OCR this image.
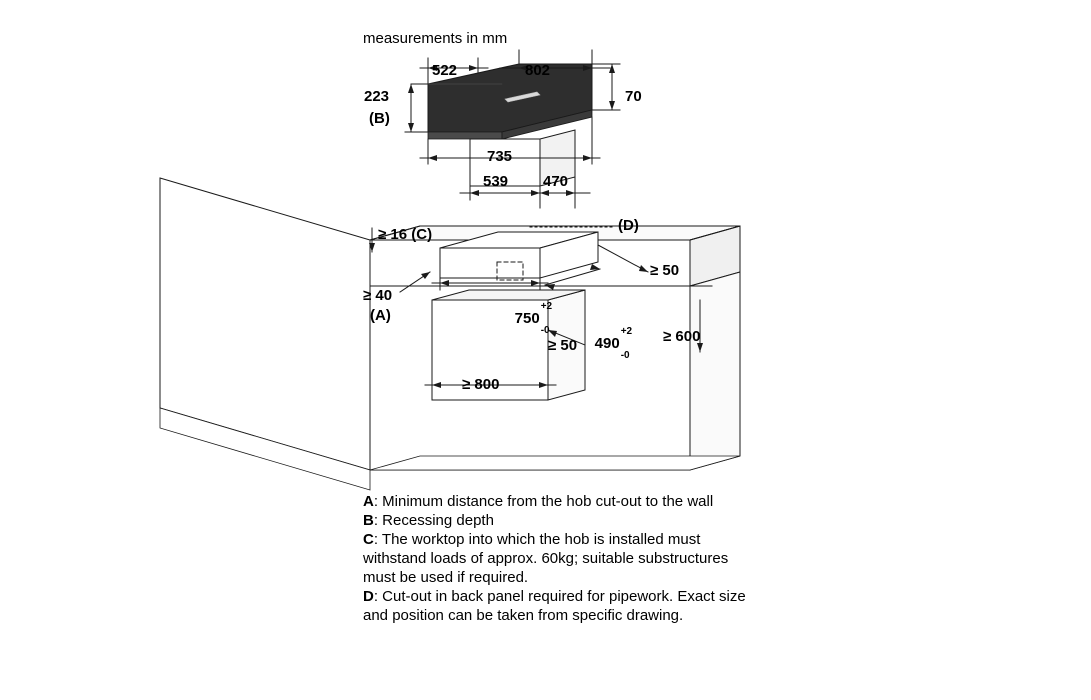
measurements in mm
522	802
223
(B)
70
735
539 470
≥ 16 (C)
(D)

750

+2

-0

490

+2

-0

≥ 50
≥ 40
(A)
≥ 600
≥ 50
≥ 800
A: Minimum distance from the hob cut-out to the wall
B: Recessing depth
C: The worktop into which the hob is installed must withstand loads of approx. 60kg; suitable substructures must be used if required.
D: Cut-out in back panel required for pipework. Exact size and position can be taken from specific drawing.
